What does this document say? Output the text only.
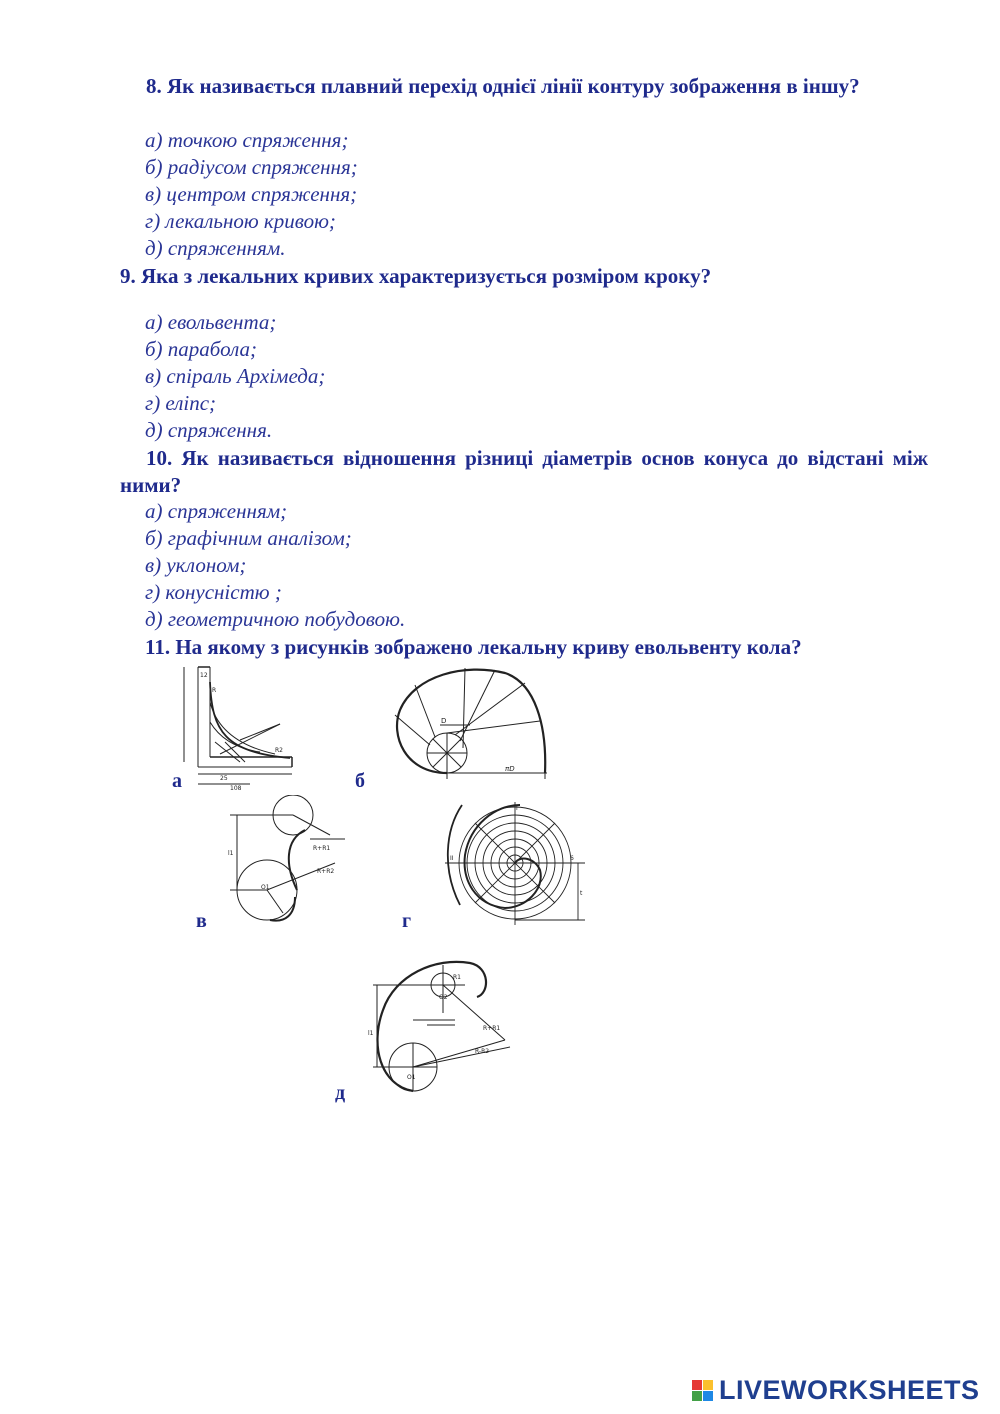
8. Як називається плавний перехід однієї лінії контуру зображення в іншу?

а) точкою спряження;

б) радіусом спряження;

в) центром спряження;

г) лекальною кривою;

д) спряженням.

9. Яка з лекальних кривих характеризується розміром кроку?

а) евольвента;

б) парабола;

в) спіраль Архімеда;

г) еліпс;

д) спряження.

10. Як називається відношення різниці діаметрів основ конуса до відстані між ними?

а) спряженням;

б) графічним аналізом;

в) уклоном;

г) конусністю ;

д) геометричною побудовою.

11. На якому з рисунків зображено лекальну криву евольвенту кола?

12
R
R2
25
108
а
D
πD
б
l1
O1
R+R1
R+R2
в
I
6
II
t
г
l1
R1
O2
O1
R+R1
R-R2
д
LIVEWORKSHEETS
